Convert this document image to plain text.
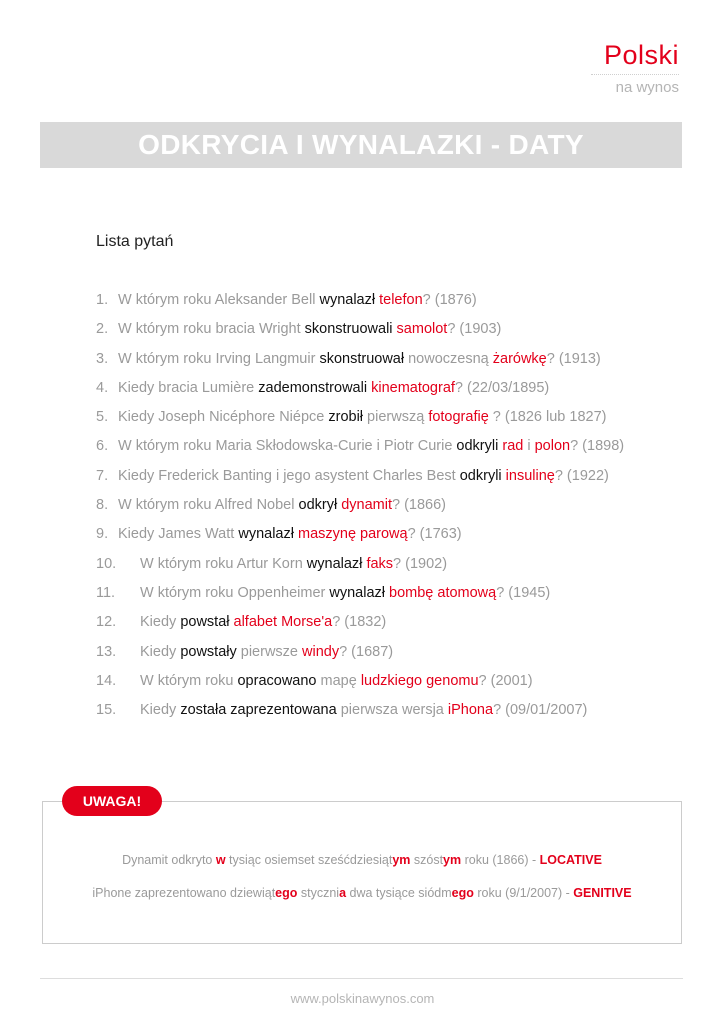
Polski
na wynos
ODKRYCIA I WYNALAZKI - DATY
Lista pytań
1. W którym roku Aleksander Bell wynalazł telefon? (1876)
2. W którym roku bracia Wright skonstruowali samolot? (1903)
3. W którym roku Irving Langmuir skonstruował nowoczesną żarówkę? (1913)
4. Kiedy bracia Lumière zademonstrowali kinematograf? (22/03/1895)
5. Kiedy Joseph Nicéphore Niépce zrobił pierwszą fotografię ? (1826 lub 1827)
6. W którym roku Maria Skłodowska-Curie i Piotr Curie odkryli rad i polon? (1898)
7. Kiedy Frederick Banting i jego asystent Charles Best odkryli insulinę? (1922)
8. W którym roku Alfred Nobel odkrył dynamit? (1866)
9. Kiedy James Watt wynalazł maszynę parową? (1763)
10. W którym roku Artur Korn wynalazł faks? (1902)
11. W którym roku Oppenheimer wynalazł bombę atomową? (1945)
12. Kiedy powstał alfabet Morse'a? (1832)
13. Kiedy powstały pierwsze windy? (1687)
14. W którym roku opracowano mapę ludzkiego genomu? (2001)
15. Kiedy została zaprezentowana pierwsza wersja iPhona? (09/01/2007)
UWAGA!
Dynamit odkryto w tysiąc osiemset sześćdziesiątym szóstym roku (1866) - LOCATIVE
iPhone zaprezentowano dziewiątego stycznia dwa tysiące siódmego roku (9/1/2007) - GENITIVE
www.polskinawynos.com
